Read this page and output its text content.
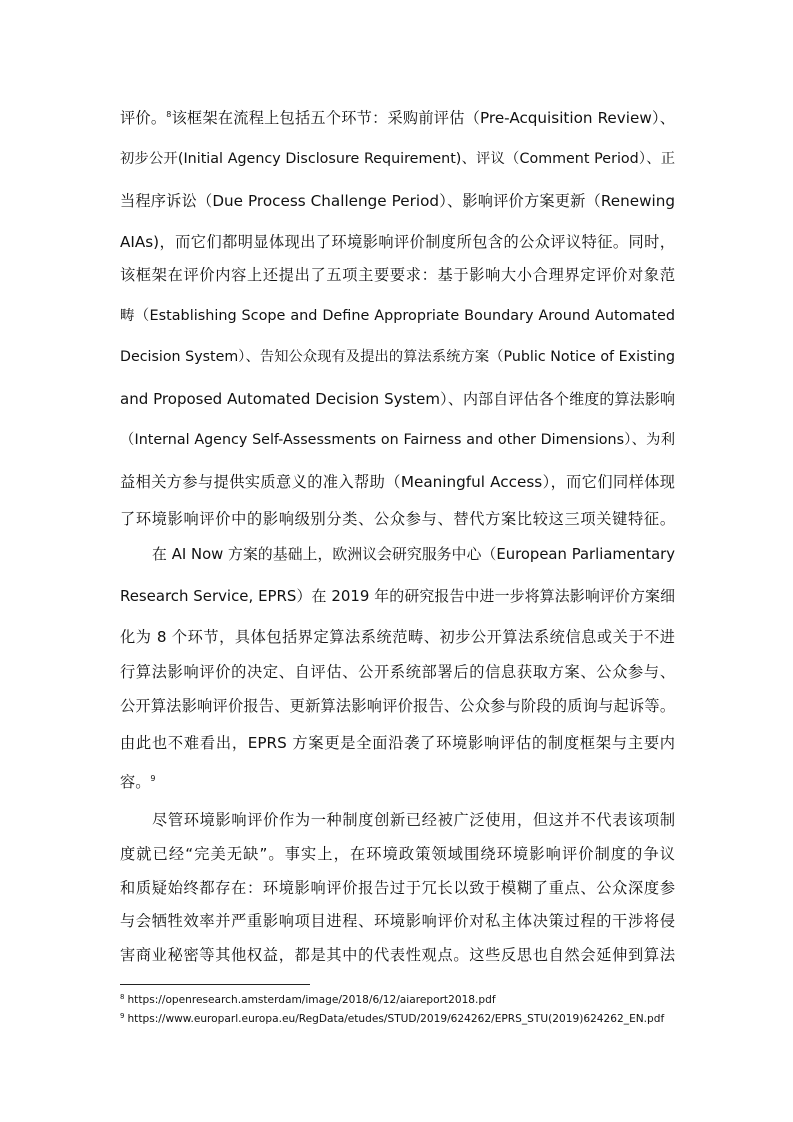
评价。$^8$该框架在流程上包括五个环节：采购前评估（Pre-Acquisition Review）、
初步公开(Initial Agency Disclosure Requirement)、评议（Comment Period）、正
当程序诉讼（Due Process Challenge Period）、影响评价方案更新（Renewing
AIAs)，而它们都明显体现出了环境影响评价制度所包含的公众评议特征。同时，
该框架在评价内容上还提出了五项主要要求：基于影响大小合理界定评价对象范
畴（Establishing Scope and Define Appropriate Boundary Around Automated
Decision System）、告知公众现有及提出的算法系统方案（Public Notice of Existing
and Proposed Automated Decision System）、内部自评估各个维度的算法影响
（Internal Agency Self-Assessments on Fairness and other Dimensions）、为利
益相关方参与提供实质意义的准入帮助（Meaningful Access），而它们同样体现
了环境影响评价中的影响级别分类、公众参与、替代方案比较这三项关键特征。
在 AI Now 方案的基础上，欧洲议会研究服务中心（European Parliamentary
Research Service, EPRS）在 2019 年的研究报告中进一步将算法影响评价方案细
化为 8 个环节，具体包括界定算法系统范畴、初步公开算法系统信息或关于不进
行算法影响评价的决定、自评估、公开系统部署后的信息获取方案、公众参与、
公开算法影响评价报告、更新算法影响评价报告、公众参与阶段的质询与起诉等。
由此也不难看出，EPRS 方案更是全面沿袭了环境影响评估的制度框架与主要内
容。$^9$
尽管环境影响评价作为一种制度创新已经被广泛使用，但这并不代表该项制
度就已经“完美无缺”。事实上，在环境政策领域围绕环境影响评价制度的争议
和质疑始终都存在：环境影响评价报告过于冗长以致于模糊了重点、公众深度参
与会牺牲效率并严重影响项目进程、环境影响评价对私主体决策过程的干涉将侵
害商业秘密等其他权益，都是其中的代表性观点。这些反思也自然会延伸到算法
$^8$ https://openresearch.amsterdam/image/2018/6/12/aiareport2018.pdf
$^9$ https://www.europarl.europa.eu/RegData/etudes/STUD/2019/624262/EPRS_STU(2019)624262_EN.pdf
